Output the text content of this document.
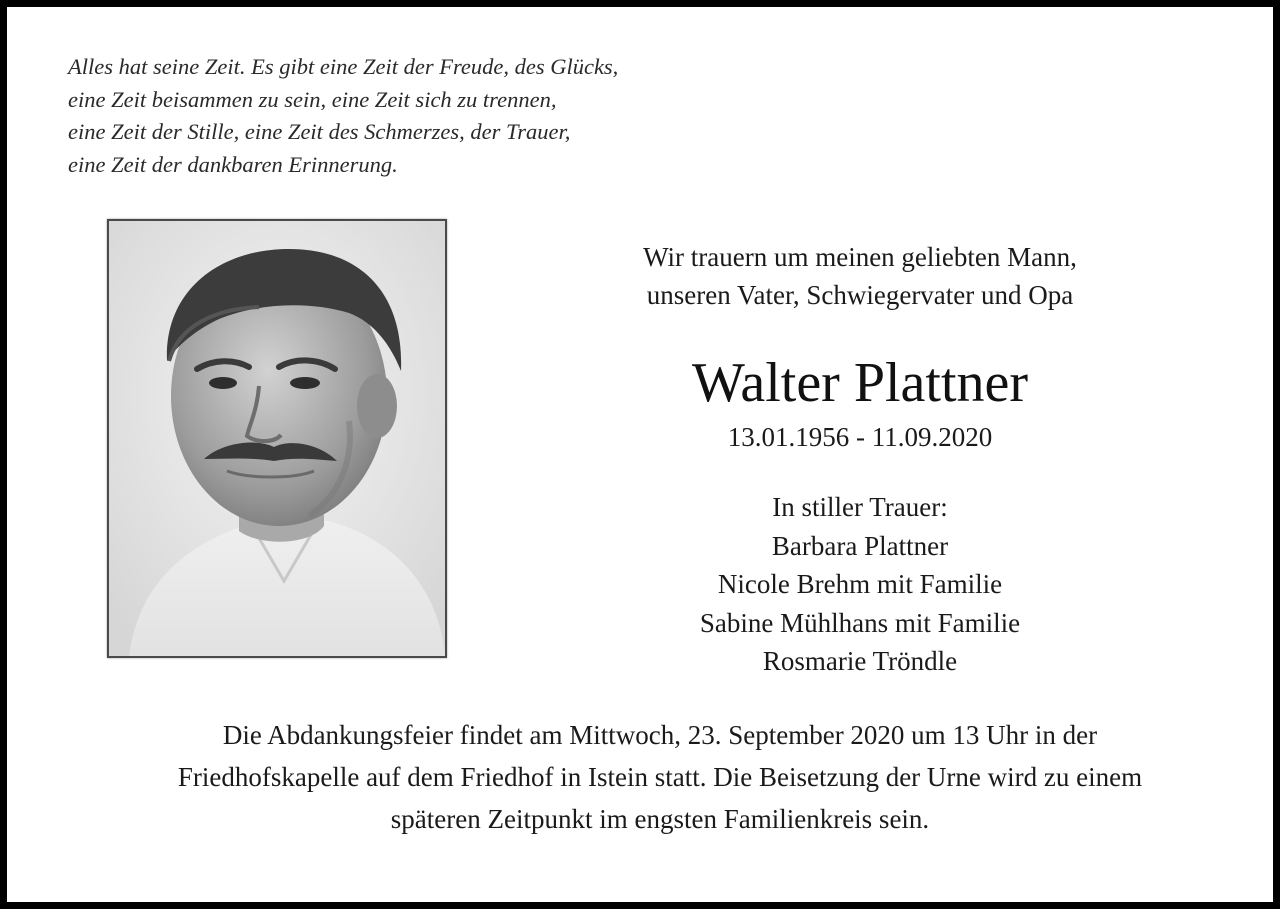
Alles hat seine Zeit. Es gibt eine Zeit der Freude, des Glücks,
eine Zeit beisammen zu sein, eine Zeit sich zu trennen,
eine Zeit der Stille, eine Zeit des Schmerzes, der Trauer,
eine Zeit der dankbaren Erinnerung.
Wir trauern um meinen geliebten Mann,
unseren Vater, Schwiegervater und Opa
Walter Plattner
13.01.1956 - 11.09.2020
In stiller Trauer:
Barbara Plattner
Nicole Brehm mit Familie
Sabine Mühlhans mit Familie
Rosmarie Tröndle
Die Abdankungsfeier findet am Mittwoch, 23. September 2020 um 13 Uhr in der
Friedhofskapelle auf dem Friedhof in Istein statt. Die Beisetzung der Urne wird zu einem
späteren Zeitpunkt im engsten Familienkreis sein.
